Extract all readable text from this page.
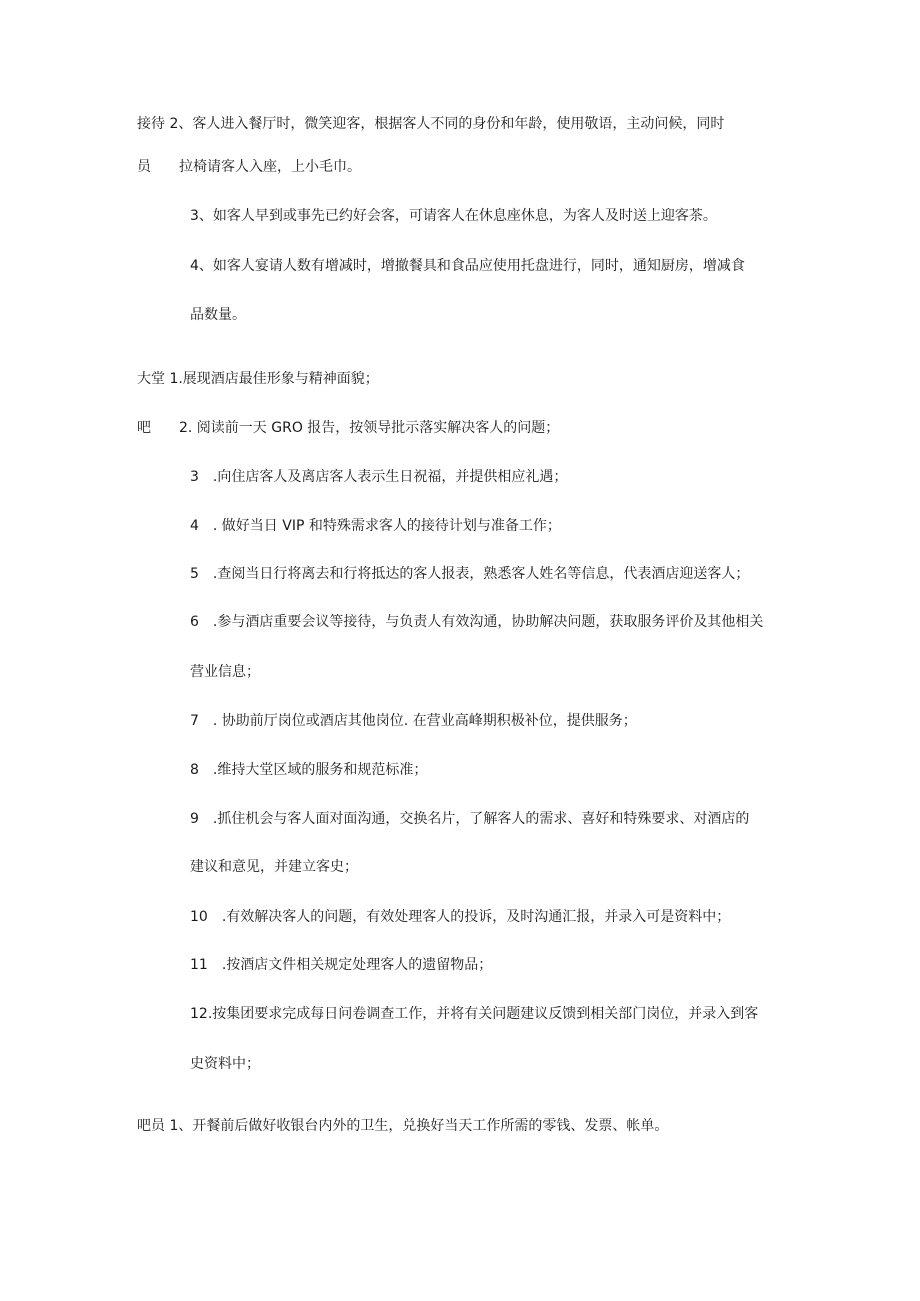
接待 2、客人进入餐厅时，微笑迎客，根据客人不同的身份和年龄，使用敬语，主动问候，同时
员　　拉椅请客人入座，上小毛巾。
3、如客人早到或事先已约好会客，可请客人在休息座休息，为客人及时送上迎客茶。
4、如客人宴请人数有增减时，增撤餐具和食品应使用托盘进行，同时，通知厨房，增减食
品数量。
大堂 1.展现酒店最佳形象与精神面貌；
吧　　2. 阅读前一天 GRO 报告，按领导批示落实解决客人的问题；
3　.向住店客人及离店客人表示生日祝福，并提供相应礼遇；
4　. 做好当日 VIP 和特殊需求客人的接待计划与准备工作；
5　.查阅当日行将离去和行将抵达的客人报表，熟悉客人姓名等信息，代表酒店迎送客人；
6　.参与酒店重要会议等接待，与负责人有效沟通，协助解决问题，获取服务评价及其他相关
营业信息；
7　. 协助前厅岗位或酒店其他岗位. 在营业高峰期积极补位，提供服务；
8　.维持大堂区域的服务和规范标准；
9　.抓住机会与客人面对面沟通，交换名片，了解客人的需求、喜好和特殊要求、对酒店的
建议和意见，并建立客史；
10　.有效解决客人的问题，有效处理客人的投诉，及时沟通汇报，并录入可是资料中；
11　.按酒店文件相关规定处理客人的遗留物品；
12.按集团要求完成每日问卷调查工作，并将有关问题建议反馈到相关部门岗位，并录入到客
史资料中；
吧员 1、开餐前后做好收银台内外的卫生，兑换好当天工作所需的零钱、发票、帐单。
